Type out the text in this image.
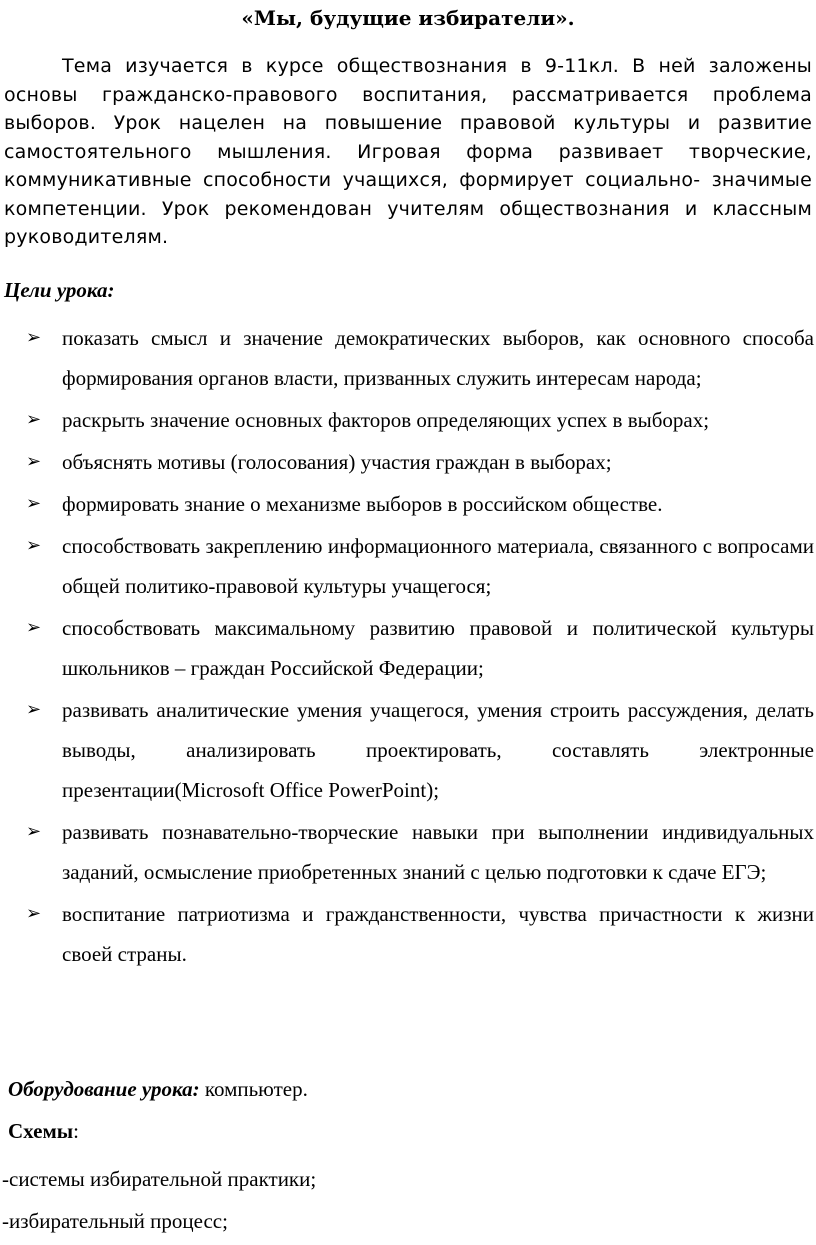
«Мы, будущие избиратели».

Тема изучается в курсе обществознания в 9-11кл. В ней заложены основы гражданско-правового воспитания, рассматривается проблема выборов. Урок нацелен на повышение правовой культуры и развитие самостоятельного мышления. Игровая форма развивает творческие, коммуникативные способности учащихся, формирует социально- значимые компетенции. Урок рекомендован учителям обществознания и классным руководителям.

Цели урока:
➢ показать смысл и значение демократических выборов, как основного способа формирования органов власти, призванных служить интересам народа;
➢ раскрыть значение основных факторов определяющих успех в выборах;
➢ объяснять мотивы (голосования) участия граждан в выборах;
➢ формировать знание о механизме выборов в российском обществе.
➢ способствовать закреплению информационного материала, связанного с вопросами общей политико-правовой культуры учащегося;
➢ способствовать максимальному развитию правовой и политической культуры школьников – граждан Российской Федерации;
➢ развивать аналитические умения учащегося, умения строить рассуждения, делать выводы, анализировать проектировать, составлять электронные презентации(Microsoft Office PowerPoint);
➢ развивать познавательно-творческие навыки при выполнении индивидуальных заданий, осмысление приобретенных знаний с целью подготовки к сдаче ЕГЭ;
➢ воспитание патриотизма и гражданственности, чувства причастности к жизни своей страны.
Оборудование урока: компьютер.
Схемы:
-системы избирательной практики;
-избирательный процесс;
